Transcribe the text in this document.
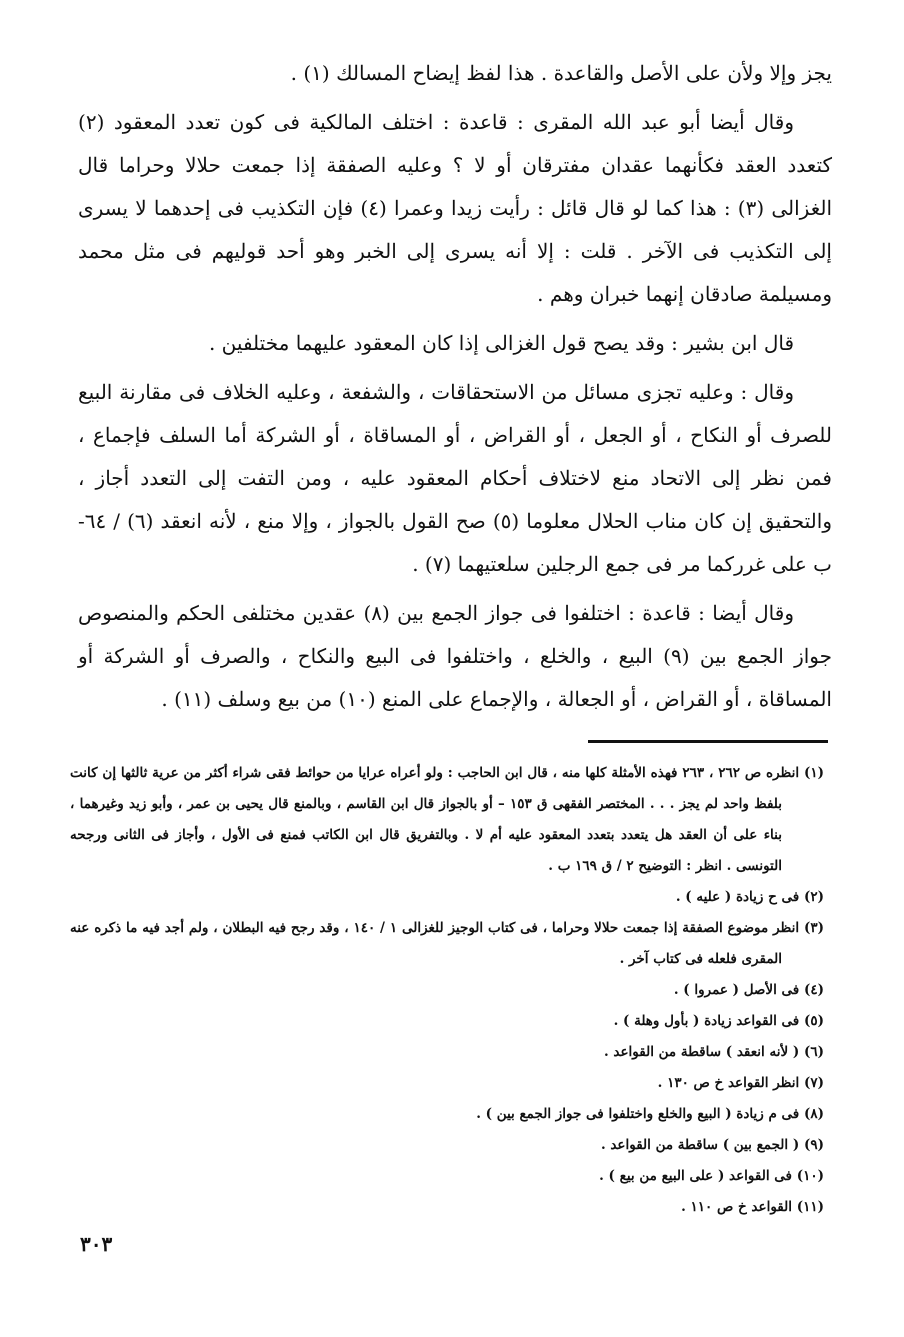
يجز وإلا ولأن على الأصل والقاعدة . هذا لفظ إيضاح المسالك (١) .

وقال أيضا أبو عبد الله المقرى : قاعدة : اختلف المالكية فى كون تعدد المعقود (٢) كتعدد العقد فكأنهما عقدان مفترقان أو لا ؟ وعليه الصفقة إذا جمعت حلالا وحراما قال الغزالى (٣) : هذا كما لو قال قائل : رأيت زيدا وعمرا (٤) فإن التكذيب فى إحدهما لا يسرى إلى التكذيب فى الآخر . قلت : إلا أنه يسرى إلى الخبر وهو أحد قوليهم فى مثل محمد ومسيلمة صادقان إنهما خبران وهم .

قال ابن بشير : وقد يصح قول الغزالى إذا كان المعقود عليهما مختلفين .

وقال : وعليه تجزى مسائل من الاستحقاقات ، والشفعة ، وعليه الخلاف فى مقارنة البيع للصرف أو النكاح ، أو الجعل ، أو القراض ، أو المساقاة ، أو الشركة أما السلف فإجماع ، فمن نظر إلى الاتحاد منع لاختلاف أحكام المعقود عليه ، ومن التفت إلى التعدد أجاز ، والتحقيق إن كان مناب الحلال معلوما (٥) صح القول بالجواز ، وإلا منع ، لأنه انعقد (٦) / ٦٤-ب على غرركما مر فى جمع الرجلين سلعتيهما (٧) .

وقال أيضا : قاعدة : اختلفوا فى جواز الجمع بين (٨) عقدين مختلفى الحكم والمنصوص جواز الجمع بين (٩) البيع ، والخلع ، واختلفوا فى البيع والنكاح ، والصرف أو الشركة أو المساقاة ، أو القراض ، أو الجعالة ، والإجماع على المنع (١٠) من بيع وسلف (١١) .

(١) انظره ص ٢٦٢ ، ٢٦٣ فهذه الأمثلة كلها منه ، قال ابن الحاجب : ولو أعراه عرايا من حوائط فقى شراء أكثر من عرية ثالثها إن كانت بلفظ واحد لم يجز . . . المختصر الفقهى ق ١٥٣ – أو بالجواز قال ابن القاسم ، وبالمنع قال يحيى بن عمر ، وأبو زيد وغيرهما ، بناء على أن العقد هل يتعدد بتعدد المعقود عليه أم لا . وبالتفريق قال ابن الكاتب فمنع فى الأول ، وأجاز فى الثانى ورجحه التونسى . انظر : التوضيح ٢ / ق ١٦٩ ب .

(٢) فى ح زيادة ( عليه ) .

(٣) انظر موضوع الصفقة إذا جمعت حلالا وحراما ، فى كتاب الوجيز للغزالى ١ / ١٤٠ ، وقد رجح فيه البطلان ، ولم أجد فيه ما ذكره عنه المقرى فلعله فى كتاب آخر .

(٤) فى الأصل ( عمروا ) .

(٥) فى القواعد زيادة ( بأول وهلة ) .

(٦) ( لأنه انعقد ) ساقطة من القواعد .

(٧) انظر القواعد خ ص ١٣٠ .

(٨) فى م زيادة ( البيع والخلع واختلفوا فى جواز الجمع بين ) .

(٩) ( الجمع بين ) ساقطة من القواعد .

(١٠) فى القواعد ( على البيع من بيع ) .

(١١) القواعد خ ص ١١٠ .

٣٠٣
